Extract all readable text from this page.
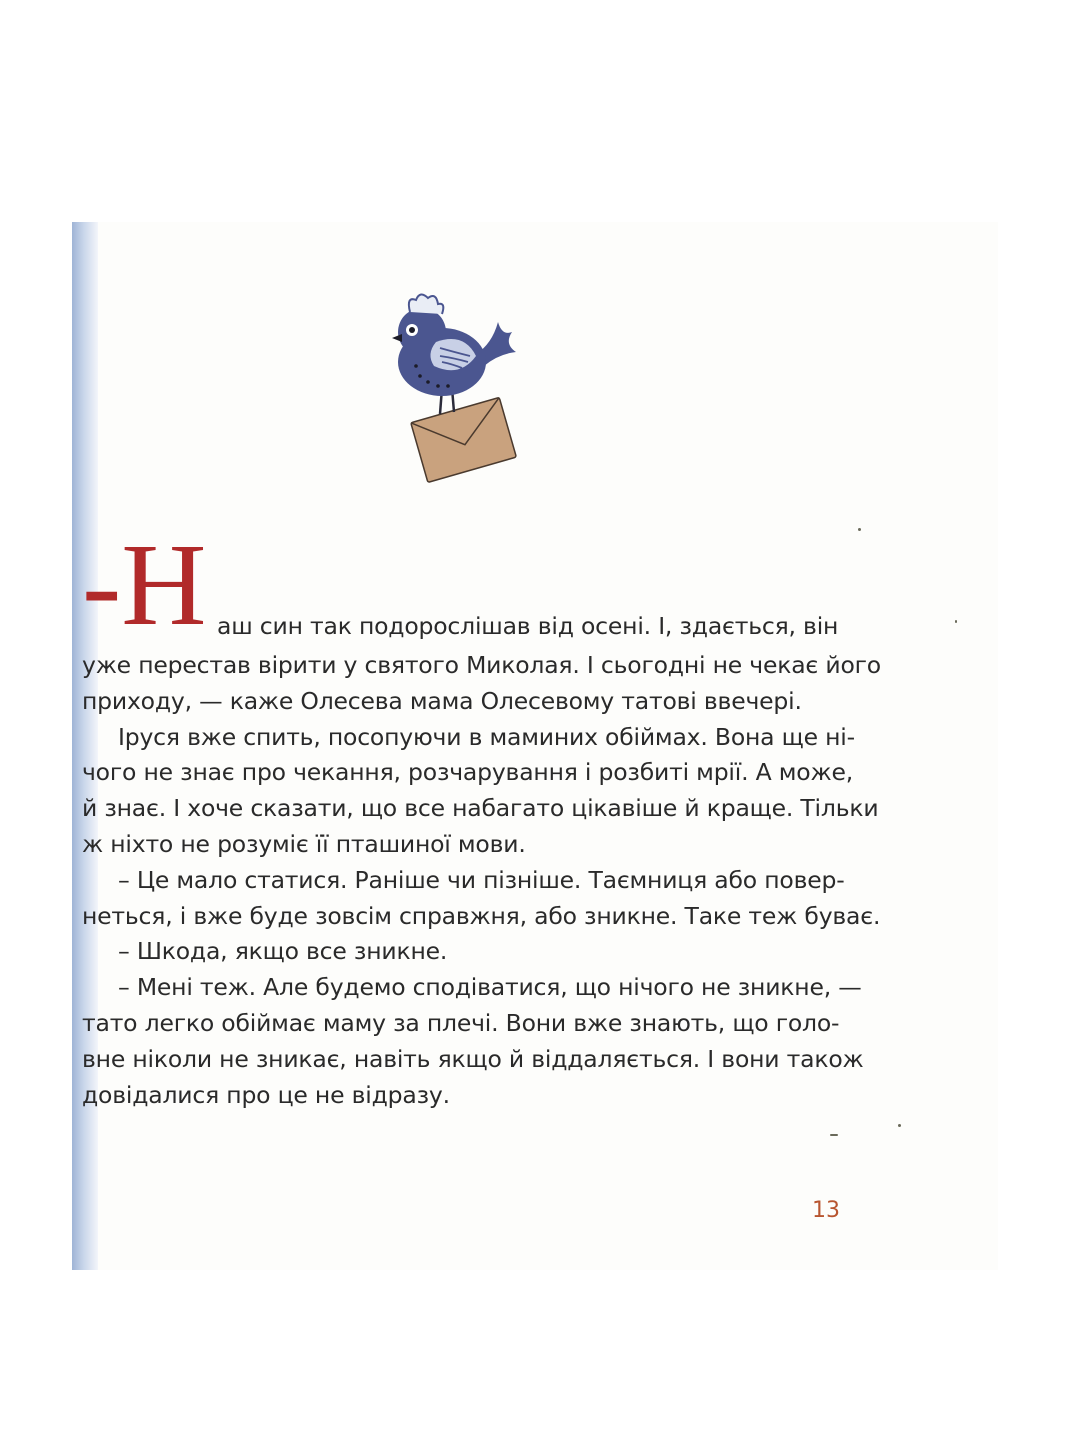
-Н аш син так подорослішав від осені. І, здається, він
уже перестав вірити у святого Миколая. І сьогодні не чекає його
приходу, — каже Олесева мама Олесевому татові ввечері.
Іруся вже спить, посопуючи в маминих обіймах. Вона ще ні-
чого не знає про чекання, розчарування і розбиті мрії. А може,
й знає. І хоче сказати, що все набагато цікавіше й краще. Тільки
ж ніхто не розуміє її пташиної мови.
– Це мало статися. Раніше чи пізніше. Таємниця або повер-
неться, і вже буде зовсім справжня, або зникне. Таке теж буває.
– Шкода, якщо все зникне.
– Мені теж. Але будемо сподіватися, що нічого не зникне, —
тато легко обіймає маму за плечі. Вони вже знають, що голо-
вне ніколи не зникає, навіть якщо й віддаляється. І вони також
довідалися про це не відразу.
13
